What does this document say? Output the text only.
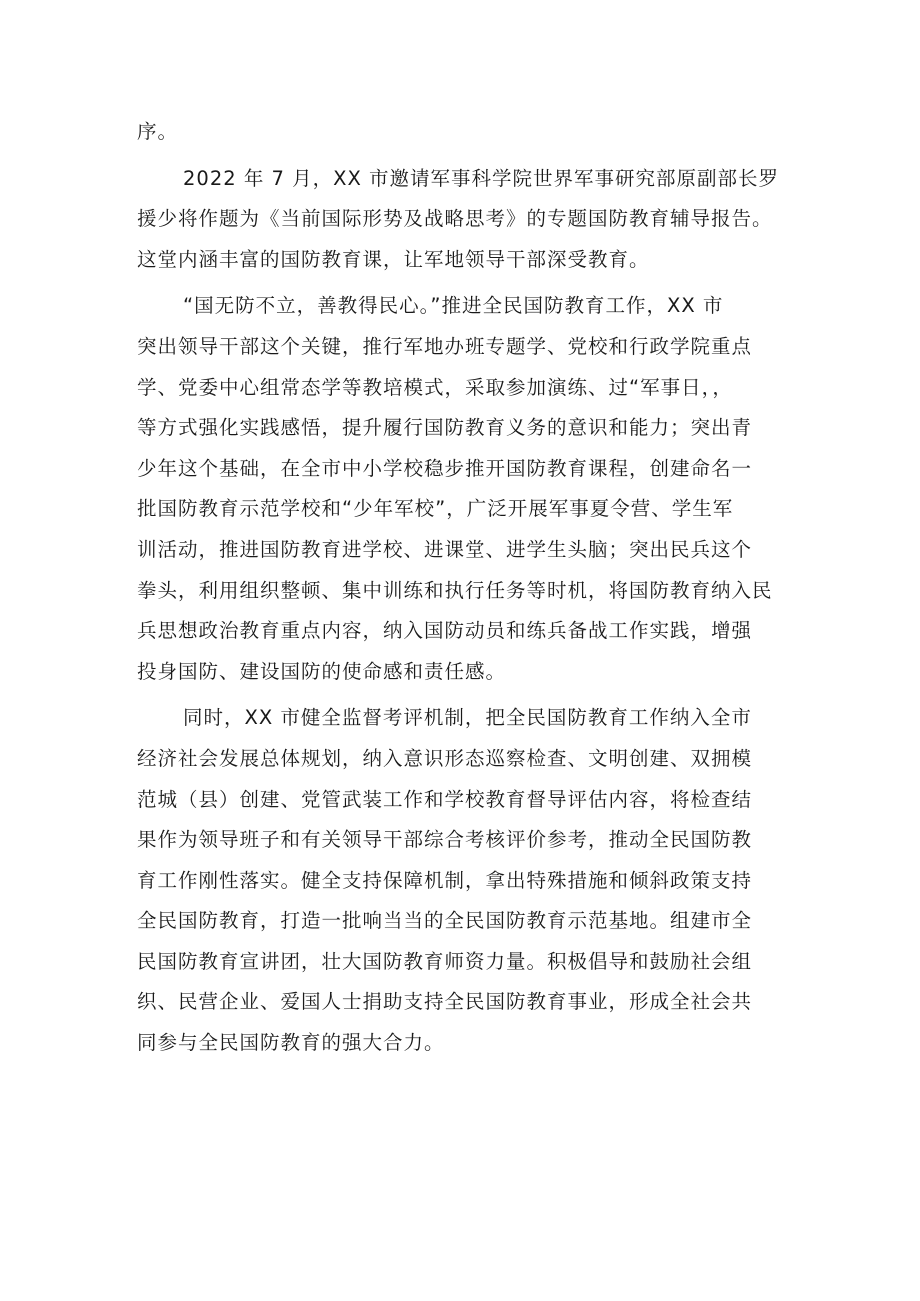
序。
2022 年 7 月，XX 市邀请军事科学院世界军事研究部原副部长罗
援少将作题为《当前国际形势及战略思考》的专题国防教育辅导报告。
这堂内涵丰富的国防教育课，让军地领导干部深受教育。
“国无防不立，善教得民心。”推进全民国防教育工作，XX 市
突出领导干部这个关键，推行军地办班专题学、党校和行政学院重点
学、党委中心组常态学等教培模式，采取参加演练、过“军事日，，
等方式强化实践感悟，提升履行国防教育义务的意识和能力；突出青
少年这个基础，在全市中小学校稳步推开国防教育课程，创建命名一
批国防教育示范学校和“少年军校”，广泛开展军事夏令营、学生军
训活动，推进国防教育进学校、进课堂、进学生头脑；突出民兵这个
拳头，利用组织整顿、集中训练和执行任务等时机，将国防教育纳入民
兵思想政治教育重点内容，纳入国防动员和练兵备战工作实践，增强
投身国防、建设国防的使命感和责任感。
同时，XX 市健全监督考评机制，把全民国防教育工作纳入全市
经济社会发展总体规划，纳入意识形态巡察检查、文明创建、双拥模
范城（县）创建、党管武装工作和学校教育督导评估内容，将检查结
果作为领导班子和有关领导干部综合考核评价参考，推动全民国防教
育工作刚性落实。健全支持保障机制，拿出特殊措施和倾斜政策支持
全民国防教育，打造一批响当当的全民国防教育示范基地。组建市全
民国防教育宣讲团，壮大国防教育师资力量。积极倡导和鼓励社会组
织、民营企业、爱国人士捐助支持全民国防教育事业，形成全社会共
同参与全民国防教育的强大合力。
